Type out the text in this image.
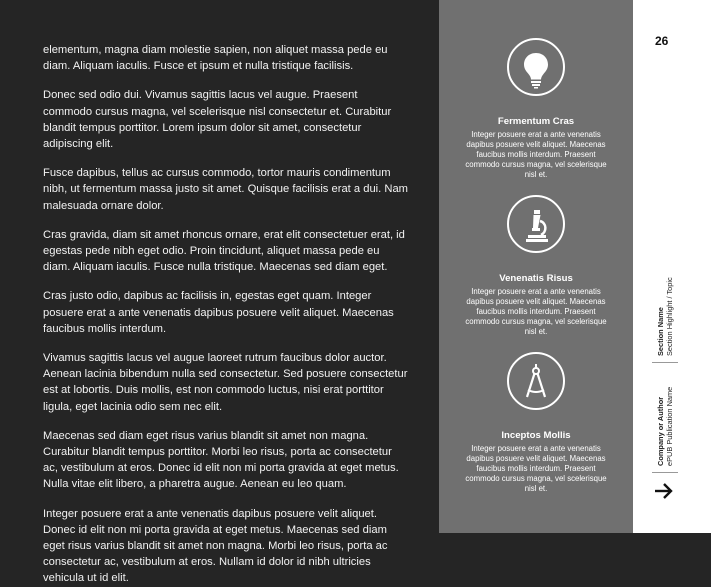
elementum, magna diam molestie sapien, non aliquet massa pede eu diam. Aliquam iaculis. Fusce et ipsum et nulla tristique facilisis.

Donec sed odio dui. Vivamus sagittis lacus vel augue. Praesent commodo cursus magna, vel scelerisque nisl consectetur et. Curabitur blandit tempus porttitor. Lorem ipsum dolor sit amet, consectetur adipiscing elit.

Fusce dapibus, tellus ac cursus commodo, tortor mauris condimentum nibh, ut fermentum massa justo sit amet. Quisque facilisis erat a dui. Nam malesuada ornare dolor.

Cras gravida, diam sit amet rhoncus ornare, erat elit consectetuer erat, id egestas pede nibh eget odio. Proin tincidunt, aliquet massa pede eu diam. Aliquam iaculis. Fusce nulla tristique. Maecenas sed diam eget.

Cras justo odio, dapibus ac facilisis in, egestas eget quam. Integer posuere erat a ante venenatis dapibus posuere velit aliquet. Maecenas faucibus mollis interdum.

Vivamus sagittis lacus vel augue laoreet rutrum faucibus dolor auctor. Aenean lacinia bibendum nulla sed consectetur. Sed posuere consectetur est at lobortis. Duis mollis, est non commodo luctus, nisi erat porttitor ligula, eget lacinia odio sem nec elit.

Maecenas sed diam eget risus varius blandit sit amet non magna. Curabitur blandit tempus porttitor. Morbi leo risus, porta ac consectetur ac, vestibulum at eros. Donec id elit non mi porta gravida at eget metus. Nulla vitae elit libero, a pharetra augue. Aenean eu leo quam.

Integer posuere erat a ante venenatis dapibus posuere velit aliquet. Donec id elit non mi porta gravida at eget metus. Maecenas sed diam eget risus varius blandit sit amet non magna. Morbi leo risus, porta ac consectetur ac, vestibulum at eros. Nullam id dolor id nibh ultricies vehicula ut id elit.

Fermentum Cras
Integer posuere erat a ante venenatis dapibus posuere velit aliquet. Maecenas faucibus mollis interdum. Praesent commodo cursus magna, vel scelerisque nisl et.
Venenatis Risus
Integer posuere erat a ante venenatis dapibus posuere velit aliquet. Maecenas faucibus mollis interdum. Praesent commodo cursus magna, vel scelerisque nisl et.
Inceptos Mollis
Integer posuere erat a ante venenatis dapibus posuere velit aliquet. Maecenas faucibus mollis interdum. Praesent commodo cursus magna, vel scelerisque nisl et.
26
Section Name Section Highlight / Topic
Company or Author ePUB Publication Name
